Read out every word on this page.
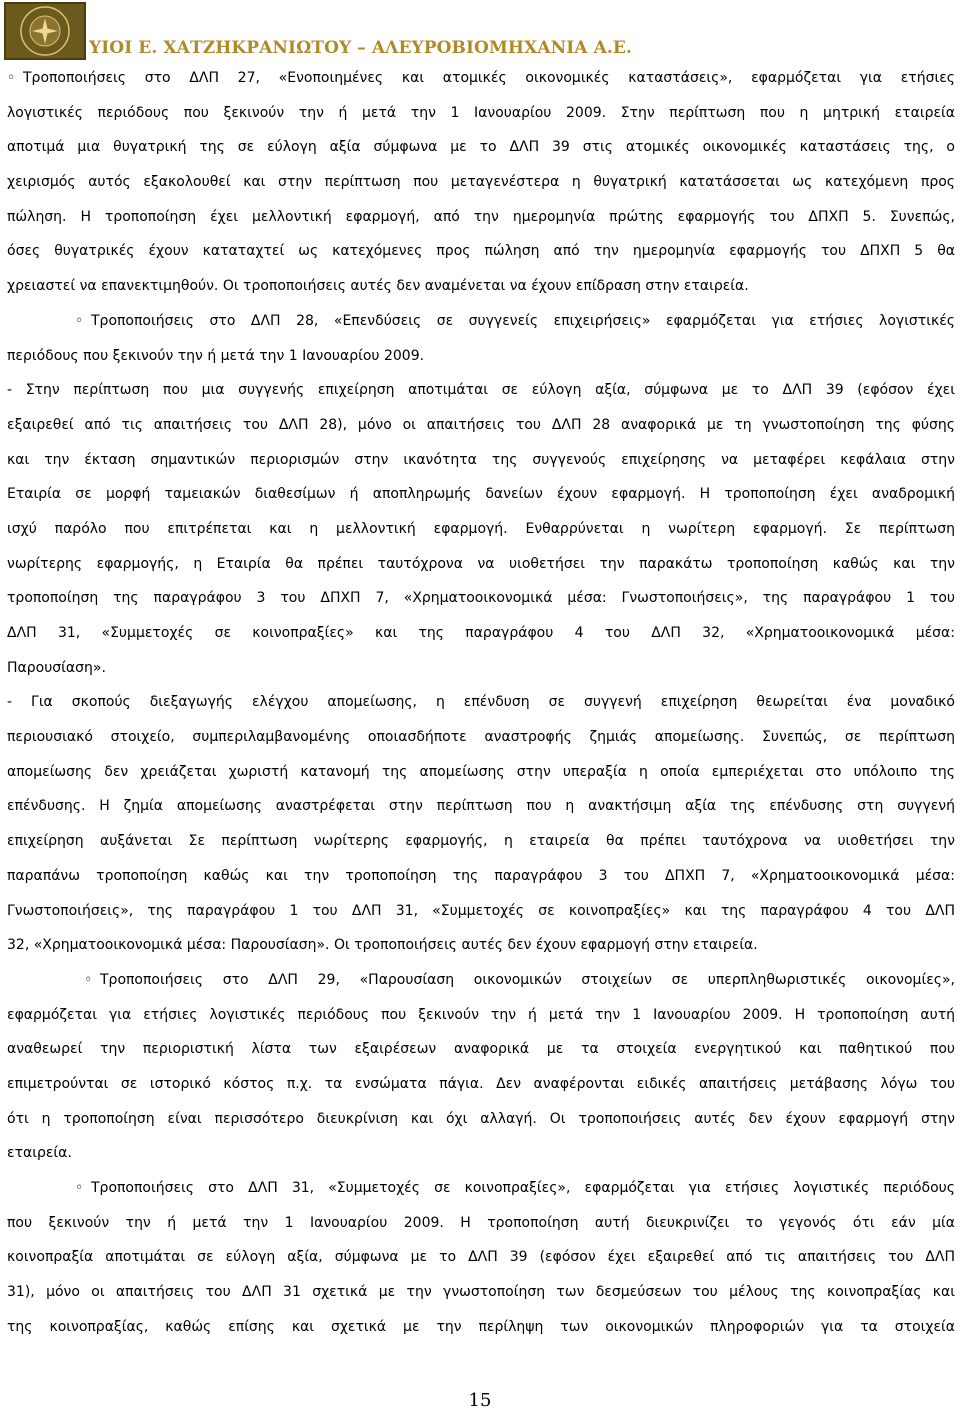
ΥΙΟΙ Ε. ΧΑΤΖΗΚΡΑΝΙΩΤΟΥ – ΑΛΕΥΡΟΒΙΟΜΗΧΑΝΙΑ Α.Ε.
◦ Τροποποιήσεις στο ΔΛΠ 27, «Ενοποιημένες και ατομικές οικονομικές καταστάσεις», εφαρμόζεται για ετήσιες
λογιστικές περιόδους που ξεκινούν την ή μετά την 1 Ιανουαρίου 2009. Στην περίπτωση που η μητρική εταιρεία
αποτιμά μια θυγατρική της σε εύλογη αξία σύμφωνα με το ΔΛΠ 39 στις ατομικές οικονομικές καταστάσεις της, ο
χειρισμός αυτός εξακολουθεί και στην περίπτωση που μεταγενέστερα η θυγατρική κατατάσσεται ως κατεχόμενη προς
πώληση. Η τροποποίηση έχει μελλοντική εφαρμογή, από την ημερομηνία πρώτης εφαρμογής του ΔΠΧΠ 5. Συνεπώς,
όσες θυγατρικές έχουν καταταχτεί ως κατεχόμενες προς πώληση από την ημερομηνία εφαρμογής του ΔΠΧΠ 5 θα
χρειαστεί να επανεκτιμηθούν. Οι τροποποιήσεις αυτές δεν αναμένεται να έχουν επίδραση στην εταιρεία.
◦ Τροποποιήσεις στο ΔΛΠ 28, «Επενδύσεις σε συγγενείς επιχειρήσεις» εφαρμόζεται για ετήσιες λογιστικές
περιόδους που ξεκινούν την ή μετά την 1 Ιανουαρίου 2009.
- Στην περίπτωση που μια συγγενής επιχείρηση αποτιμάται σε εύλογη αξία, σύμφωνα με το ΔΛΠ 39 (εφόσον έχει
εξαιρεθεί από τις απαιτήσεις του ΔΛΠ 28), μόνο οι απαιτήσεις του ΔΛΠ 28 αναφορικά με τη γνωστοποίηση της φύσης
και την έκταση σημαντικών περιορισμών στην ικανότητα της συγγενούς επιχείρησης να μεταφέρει κεφάλαια στην
Εταιρία σε μορφή ταμειακών διαθεσίμων ή αποπληρωμής δανείων έχουν εφαρμογή. Η τροποποίηση έχει αναδρομική
ισχύ παρόλο που επιτρέπεται και η μελλοντική εφαρμογή. Ενθαρρύνεται η νωρίτερη εφαρμογή. Σε περίπτωση
νωρίτερης εφαρμογής, η Εταιρία θα πρέπει ταυτόχρονα να υιοθετήσει την παρακάτω τροποποίηση καθώς και την
τροποποίηση της παραγράφου 3 του ΔΠΧΠ 7, «Χρηματοοικονομικά μέσα: Γνωστοποιήσεις», της παραγράφου 1 του
ΔΛΠ 31, «Συμμετοχές σε κοινοπραξίες» και της παραγράφου 4 του ΔΛΠ 32, «Χρηματοοικονομικά μέσα:
Παρουσίαση».
- Για σκοπούς διεξαγωγής ελέγχου απομείωσης, η επένδυση σε συγγενή επιχείρηση θεωρείται ένα μοναδικό
περιουσιακό στοιχείο, συμπεριλαμβανομένης οποιασδήποτε αναστροφής ζημιάς απομείωσης. Συνεπώς, σε περίπτωση
απομείωσης δεν χρειάζεται χωριστή κατανομή της απομείωσης στην υπεραξία η οποία εμπεριέχεται στο υπόλοιπο της
επένδυσης. Η ζημία απομείωσης αναστρέφεται στην περίπτωση που η ανακτήσιμη αξία της επένδυσης στη συγγενή
επιχείρηση αυξάνεται Σε περίπτωση νωρίτερης εφαρμογής, η εταιρεία θα πρέπει ταυτόχρονα να υιοθετήσει την
παραπάνω τροποποίηση καθώς και την τροποποίηση της παραγράφου 3 του ΔΠΧΠ 7, «Χρηματοοικονομικά μέσα:
Γνωστοποιήσεις», της παραγράφου 1 του ΔΛΠ 31, «Συμμετοχές σε κοινοπραξίες» και της παραγράφου 4 του ΔΛΠ
32, «Χρηματοοικονομικά μέσα: Παρουσίαση». Οι τροποποιήσεις αυτές δεν έχουν εφαρμογή στην εταιρεία.
◦ Τροποποιήσεις στο ΔΛΠ 29, «Παρουσίαση οικονομικών στοιχείων σε υπερπληθωριστικές οικονομίες»,
εφαρμόζεται για ετήσιες λογιστικές περιόδους που ξεκινούν την ή μετά την 1 Ιανουαρίου 2009. Η τροποποίηση αυτή
αναθεωρεί την περιοριστική λίστα των εξαιρέσεων αναφορικά με τα στοιχεία ενεργητικού και παθητικού που
επιμετρούνται σε ιστορικό κόστος π.χ. τα ενσώματα πάγια. Δεν αναφέρονται ειδικές απαιτήσεις μετάβασης λόγω του
ότι η τροποποίηση είναι περισσότερο διευκρίνιση και όχι αλλαγή. Οι τροποποιήσεις αυτές δεν έχουν εφαρμογή στην
εταιρεία.
◦ Τροποποιήσεις στο ΔΛΠ 31, «Συμμετοχές σε κοινοπραξίες», εφαρμόζεται για ετήσιες λογιστικές περιόδους
που ξεκινούν την ή μετά την 1 Ιανουαρίου 2009. Η τροποποίηση αυτή διευκρινίζει το γεγονός ότι εάν μία
κοινοπραξία αποτιμάται σε εύλογη αξία, σύμφωνα με το ΔΛΠ 39 (εφόσον έχει εξαιρεθεί από τις απαιτήσεις του ΔΛΠ
31), μόνο οι απαιτήσεις του ΔΛΠ 31 σχετικά με την γνωστοποίηση των δεσμεύσεων του μέλους της κοινοπραξίας και
της κοινοπραξίας, καθώς επίσης και σχετικά με την περίληψη των οικονομικών πληροφοριών για τα στοιχεία
15
